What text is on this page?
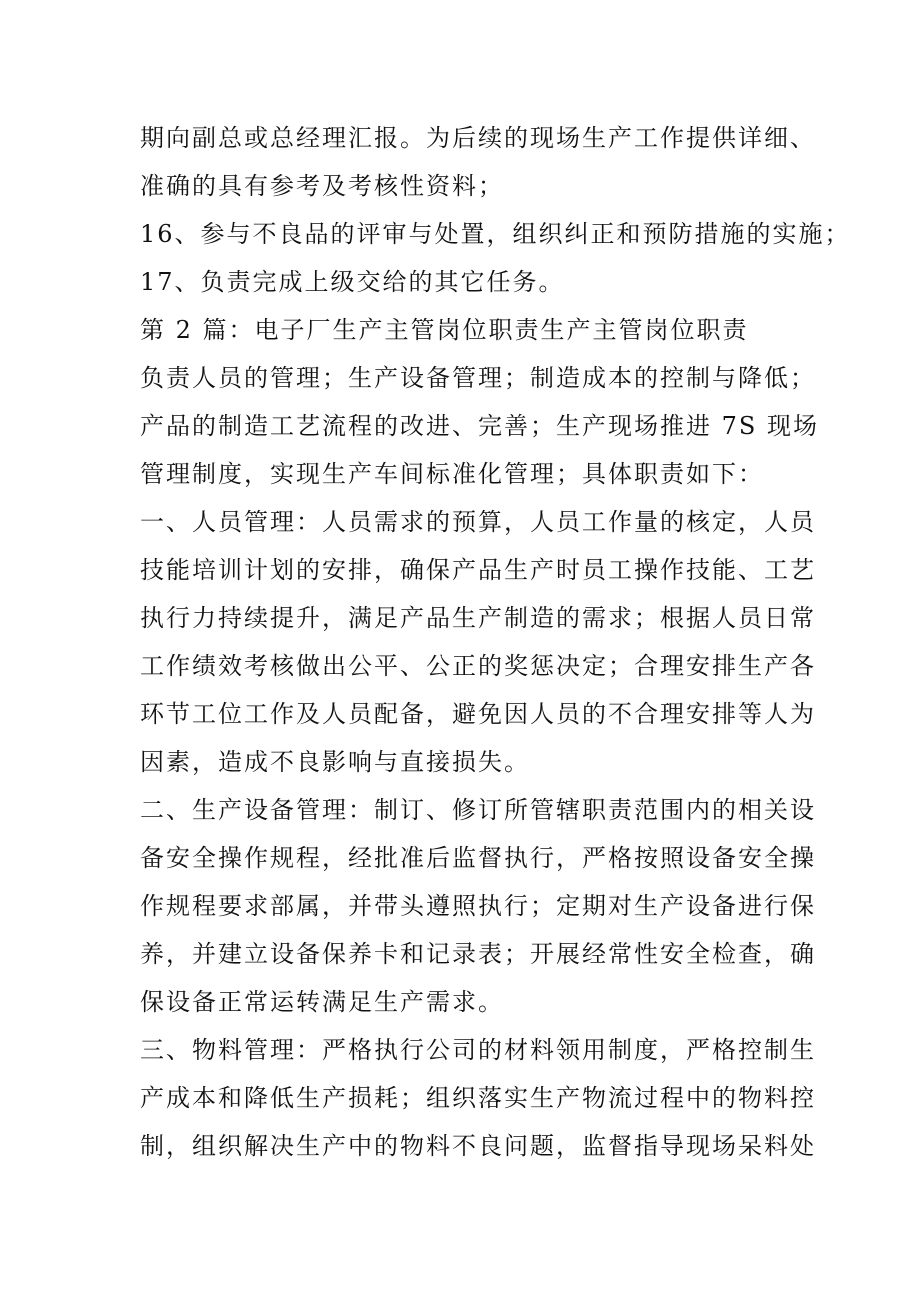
期向副总或总经理汇报。为后续的现场生产工作提供详细、
准确的具有参考及考核性资料；
16、参与不良品的评审与处置，组织纠正和预防措施的实施；
17、负责完成上级交给的其它任务。
第 2 篇：电子厂生产主管岗位职责生产主管岗位职责
负责人员的管理；生产设备管理；制造成本的控制与降低；
产品的制造工艺流程的改进、完善；生产现场推进 7S 现场
管理制度，实现生产车间标准化管理；具体职责如下：
一、人员管理：人员需求的预算，人员工作量的核定，人员
技能培训计划的安排，确保产品生产时员工操作技能、工艺
执行力持续提升，满足产品生产制造的需求；根据人员日常
工作绩效考核做出公平、公正的奖惩决定；合理安排生产各
环节工位工作及人员配备，避免因人员的不合理安排等人为
因素，造成不良影响与直接损失。
二、生产设备管理：制订、修订所管辖职责范围内的相关设
备安全操作规程，经批准后监督执行，严格按照设备安全操
作规程要求部属，并带头遵照执行；定期对生产设备进行保
养，并建立设备保养卡和记录表；开展经常性安全检查，确
保设备正常运转满足生产需求。
三、物料管理：严格执行公司的材料领用制度，严格控制生
产成本和降低生产损耗；组织落实生产物流过程中的物料控
制，组织解决生产中的物料不良问题，监督指导现场呆料处
